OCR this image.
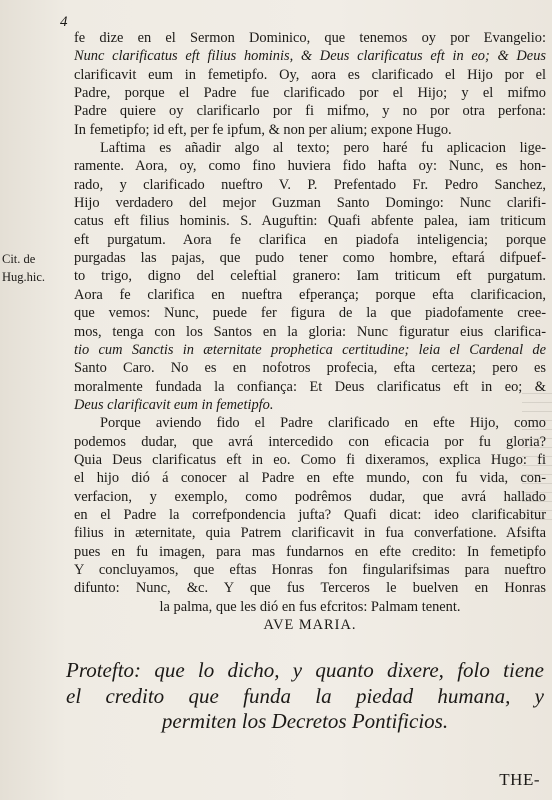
4
Cit. de
Hug.hic.
fe dize en el Sermon Dominico, que tenemos oy por Evangelio:
Nunc clarificatus eft filius hominis, & Deus clarificatus eft in eo; & Deus
clarificavit eum in femetipfo. Oy, aora es clarificado el Hijo por el
Padre, porque el Padre fue clarificado por el Hijo; y el mifmo
Padre quiere oy clarificarlo por fi mifmo, y no por otra perfona:
In femetipfo; id eft, per fe ipfum, & non per alium; expone Hugo.
Laftima es añadir algo al texto; pero haré fu aplicacion lige-
ramente. Aora, oy, como fino huviera fido hafta oy: Nunc, es hon-
rado, y clarificado nueftro V. P. Prefentado Fr. Pedro Sanchez,
Hijo verdadero del mejor Guzman Santo Domingo: Nunc clarifi-
catus eft filius hominis. S. Auguftin: Quafi abfente palea, iam triticum
eft purgatum. Aora fe clarifica en piadofa inteligencia; porque
purgadas las pajas, que pudo tener como hombre, eftará difpuef-
to trigo, digno del celeftial granero: Iam triticum eft purgatum.
Aora fe clarifica en nueftra efperança; porque efta clarificacion,
que vemos: Nunc, puede fer figura de la que piadofamente cree-
mos, tenga con los Santos en la gloria: Nunc figuratur eius clarifica-
tio cum Sanctis in æternitate prophetica certitudine; leia el Cardenal de
Santo Caro. No es en nofotros profecia, efta certeza; pero es
moralmente fundada la confiança: Et Deus clarificatus eft in eo; &
Deus clarificavit eum in femetipfo.
Porque aviendo fido el Padre clarificado en efte Hijo, como
podemos dudar, que avrá intercedido con eficacia por fu gloria?
Quia Deus clarificatus eft in eo. Como fi dixeramos, explica Hugo: fi
el hijo dió á conocer al Padre en efte mundo, con fu vida, con-
verfacion, y exemplo, como podrêmos dudar, que avrá hallado
en el Padre la correfpondencia jufta? Quafi dicat: ideo clarificabitur
filius in æternitate, quia Patrem clarificavit in fua converfatione. Afsifta
pues en fu imagen, para mas fundarnos en efte credito: In femetipfo
Y concluyamos, que eftas Honras fon fingularifsimas para nueftro
difunto: Nunc, &c. Y que fus Terceros le buelven en Honras
la palma, que les dió en fus efcritos: Palmam tenent.
AVE MARIA.
Protefto: que lo dicho, y quanto dixere, folo tiene
el credito que funda la piedad humana, y
permiten los Decretos Pontificios.
THE-
